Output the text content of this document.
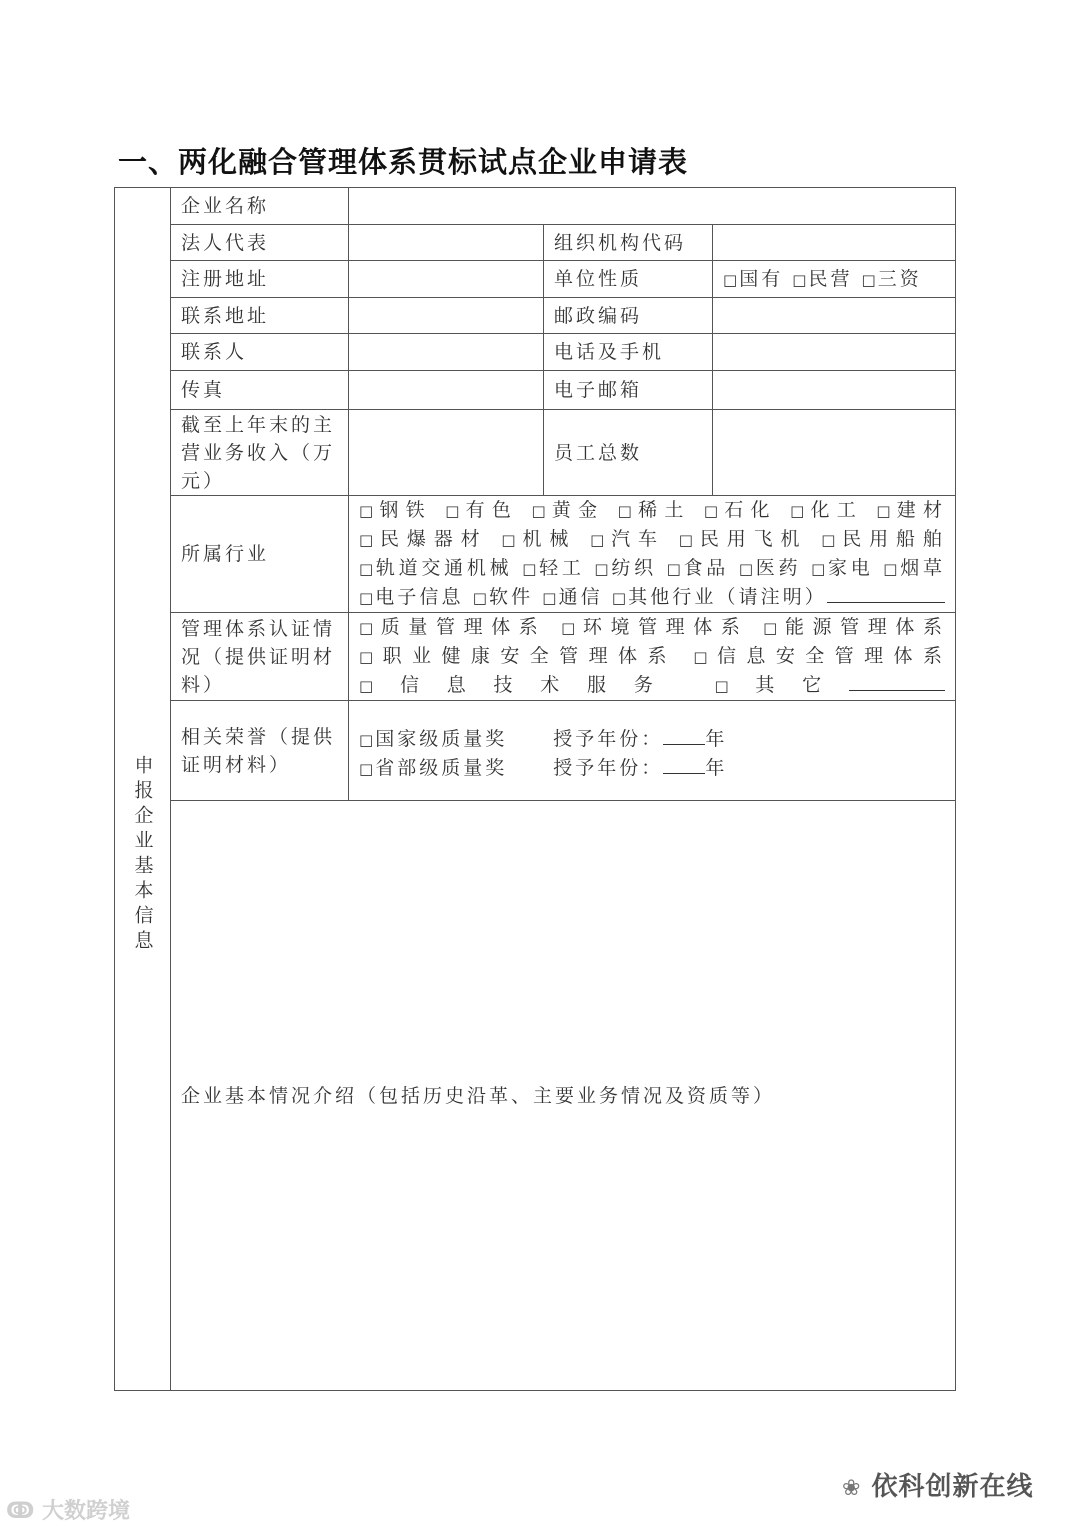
一、两化融合管理体系贯标试点企业申请表
申报企业基本信息	企业名称			
	法人代表		组织机构代码	
	注册地址		单位性质	□ 国有 □ 民营 □ 三资
	联系地址		邮政编码	
	联系人		电话及手机	
	传真		电子邮箱	
	截至上年末的主营业务收入（万元）		员工总数	
	所属行业	□ 钢铁 □ 有色 □ 黄金 □ 稀土 □ 石化 □ 化工 □ 建材 □ 民爆器材 □ 机械 □ 汽车 □ 民用飞机 □ 民用船舶 □ 轨道交通机械 □ 轻工 □ 纺织 □ 食品 □ 医药 □ 家电 □ 烟草 □ 电子信息 □ 软件 □ 通信 □ 其他行业（请注明）		
	管理体系认证情况（提供证明材料）	□ 质量管理体系 □ 环境管理体系 □ 能源管理体系 □ 职业健康安全管理体系 □ 信息安全管理体系 □ 信息技术服务 □ 其它		
	相关荣誉（提供证明材料）	□ 国家级质量奖 授予年份： 年
□ 省部级质量奖 授予年份： 年		

	企业基本情况介绍（包括历史沿革、主要业务情况及资质等）			
❀ 依科创新在线
ↂ 大数跨境
